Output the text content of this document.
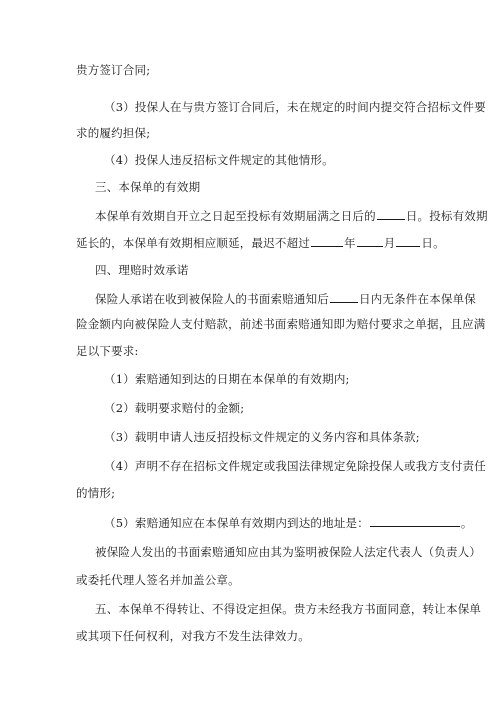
贵方签订合同;
（3）投保人在与贵方签订合同后，未在规定的时间内提交符合招标文件要
求的履约担保;
（4）投保人违反招标文件规定的其他情形。
三、本保单的有效期
本保单有效期自开立之日起至投标有效期届满之日后的	日。投标有效期
延长的，本保单有效期相应顺延，最迟不超过	年 月 日。
四、理赔时效承诺
保险人承诺在收到被保险人的书面索赔通知后	日内无条件在本保单保
险金额内向被保险人支付赔款，前述书面索赔通知即为赔付要求之单据，且应满
足以下要求:
（1）索赔通知到达的日期在本保单的有效期内;
（2）载明要求赔付的金额;
（3）载明申请人违反招投标文件规定的义务内容和具体条款;
（4）声明不存在招标文件规定或我国法律规定免除投保人或我方支付责任
的情形;
（5）索赔通知应在本保单有效期内到达的地址是：	。
被保险人发出的书面索赔通知应由其为鉴明被保险人法定代表人（负责人）
或委托代理人签名并加盖公章。
五、本保单不得转让、不得设定担保。贵方未经我方书面同意，转让本保单
或其项下任何权利，对我方不发生法律效力。
